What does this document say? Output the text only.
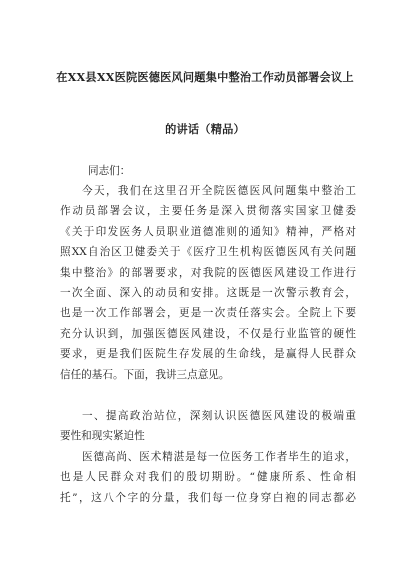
在XX县XX医院医德医风问题集中整治工作动员部署会议上
的讲话（精品）
同志们：
今天，我们在这里召开全院医德医风问题集中整治工
作动员部署会议，主要任务是深入贯彻落实国家卫健委
《关于印发医务人员职业道德准则的通知》精神，严格对
照XX自治区卫健委关于《医疗卫生机构医德医风有关问题
集中整治》的部署要求，对我院的医德医风建设工作进行
一次全面、深入的动员和安排。这既是一次警示教育会，
也是一次工作部署会，更是一次责任落实会。全院上下要
充分认识到，加强医德医风建设，不仅是行业监管的硬性
要求，更是我们医院生存发展的生命线，是赢得人民群众
信任的基石。下面，我讲三点意见。
一、提高政治站位，深刻认识医德医风建设的极端重
要性和现实紧迫性
医德高尚、医术精湛是每一位医务工作者毕生的追求，
也是人民群众对我们的殷切期盼。“健康所系、性命相
托”，这八个字的分量，我们每一位身穿白袍的同志都必
